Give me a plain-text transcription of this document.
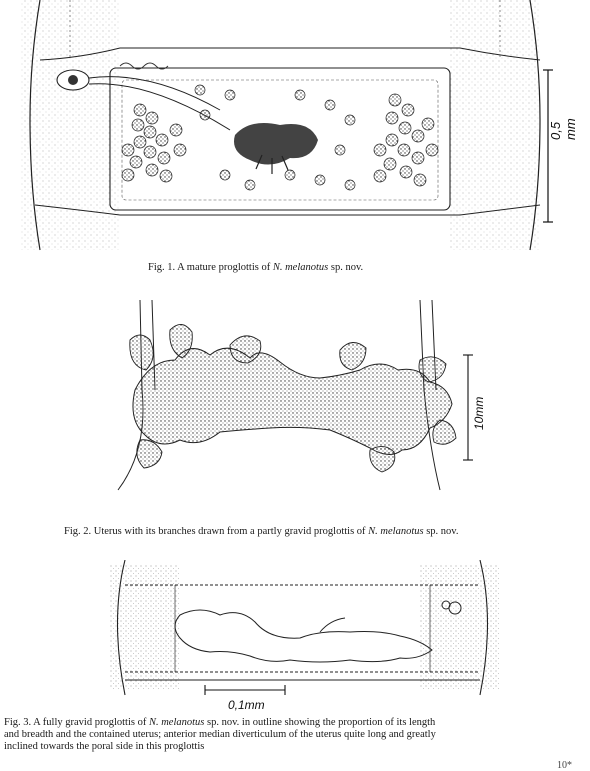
0,5 mm
Fig. 1. A mature proglottis of N. melanotus sp. nov.
10mm
Fig. 2. Uterus with its branches drawn from a partly gravid proglottis of N. melanotus sp. nov.
0,1mm
Fig. 3. A fully gravid proglottis of N. melanotus sp. nov. in outline showing the proportion of its length
and breadth and the contained uterus; anterior median diverticulum of the uterus quite long and greatly
inclined towards the poral side in this proglottis
10*
